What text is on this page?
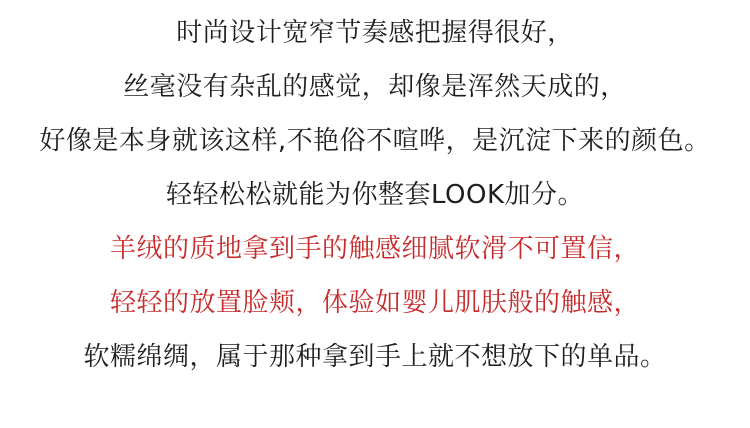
时尚设计宽窄节奏感把握得很好，
丝毫没有杂乱的感觉，却像是浑然天成的，
好像是本身就该这样,不艳俗不喧哗，是沉淀下来的颜色。
轻轻松松就能为你整套LOOK加分。
羊绒的质地拿到手的触感细腻软滑不可置信，
轻轻的放置脸颊，体验如婴儿肌肤般的触感，
软糯绵绸，属于那种拿到手上就不想放下的单品。
